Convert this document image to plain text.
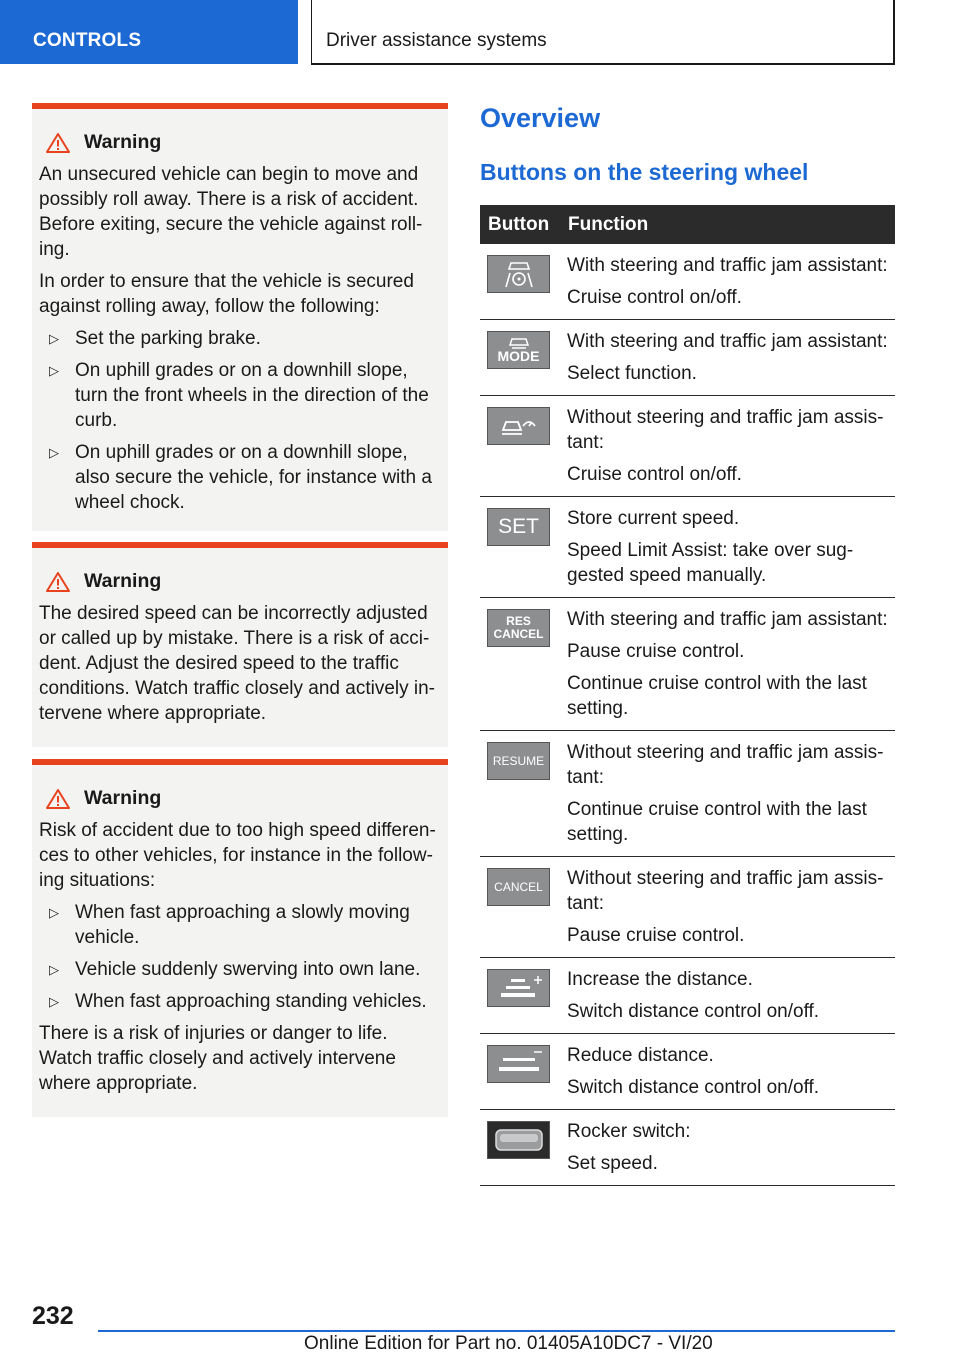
CONTROLS	Driver assistance systems
Warning

An unsecured vehicle can begin to move and possibly roll away. There is a risk of accident. Before exiting, secure the vehicle against roll-ing.

In order to ensure that the vehicle is secured against rolling away, follow the following:

▷ Set the parking brake.
▷ On uphill grades or on a downhill slope, turn the front wheels in the direction of the curb.
▷ On uphill grades or on a downhill slope, also secure the vehicle, for instance with a wheel chock.
Warning

The desired speed can be incorrectly adjusted or called up by mistake. There is a risk of acci-dent. Adjust the desired speed to the traffic conditions. Watch traffic closely and actively in-tervene where appropriate.

Warning

Risk of accident due to too high speed differen-ces to other vehicles, for instance in the follow-ing situations:

▷ When fast approaching a slowly moving vehicle.
▷ Vehicle suddenly swerving into own lane.
▷ When fast approaching standing vehicles.

There is a risk of injuries or danger to life. Watch traffic closely and actively intervene where appropriate.

Overview
Buttons on the steering wheel
Button	Function

With steering and traffic jam assistant:
Cruise control on/off.

MODE	With steering and traffic jam assistant:
Select function.

Without steering and traffic jam assis-tant:
Cruise control on/off.

SET	Store current speed.
Speed Limit Assist: take over sug-gested speed manually.

RES CANCEL	With steering and traffic jam assistant:
Pause cruise control.
Continue cruise control with the last setting.

RESUME	Without steering and traffic jam assis-tant:
Continue cruise control with the last setting.

CANCEL	Without steering and traffic jam assis-tant:
Pause cruise control.

Increase the distance.
Switch distance control on/off.

Reduce distance.
Switch distance control on/off.

Rocker switch:
Set speed.
232
Online Edition for Part no. 01405A10DC7 - VI/20
